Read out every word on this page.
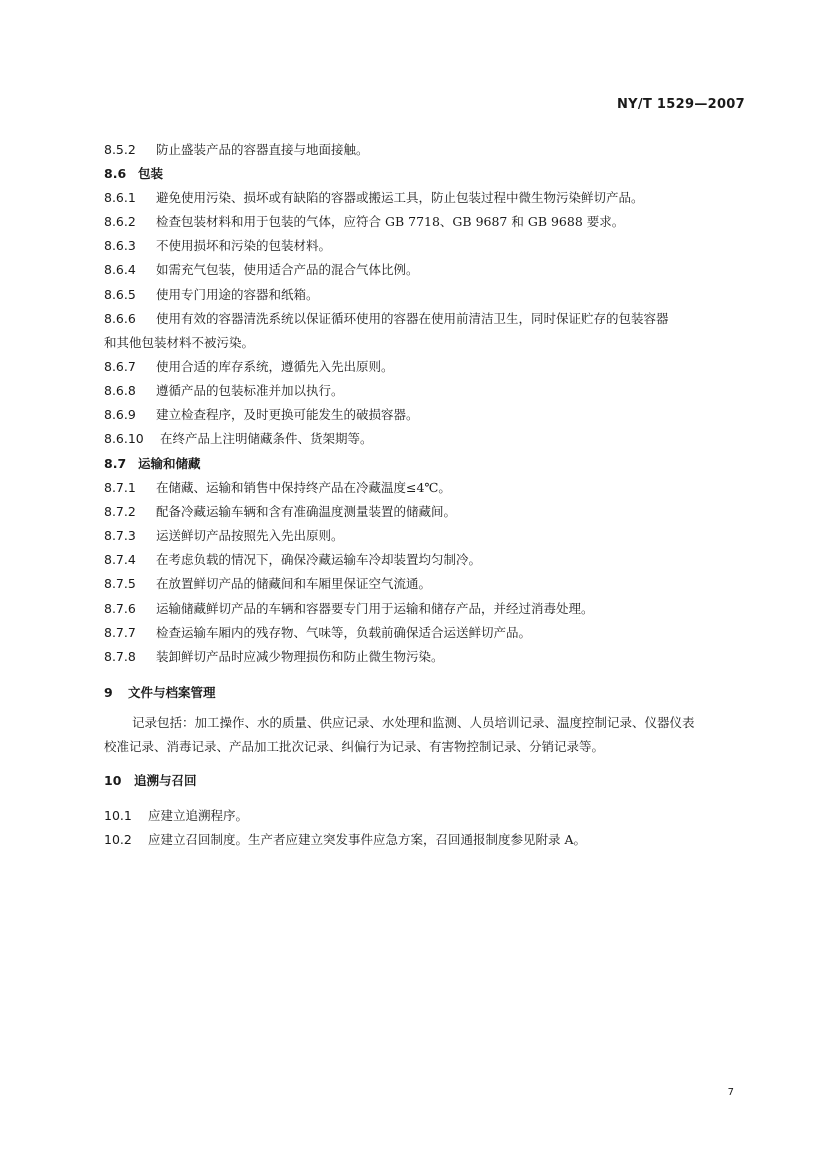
NY/T 1529—2007
8.5.2 防止盛装产品的容器直接与地面接触。
8.6 包装
8.6.1 避免使用污染、损坏或有缺陷的容器或搬运工具，防止包装过程中微生物污染鲜切产品。
8.6.2 检查包装材料和用于包装的气体，应符合 GB 7718、GB 9687 和 GB 9688 要求。
8.6.3 不使用损坏和污染的包装材料。
8.6.4 如需充气包装，使用适合产品的混合气体比例。
8.6.5 使用专门用途的容器和纸箱。
8.6.6 使用有效的容器清洗系统以保证循环使用的容器在使用前清洁卫生，同时保证贮存的包装容器
和其他包装材料不被污染。
8.6.7 使用合适的库存系统，遵循先入先出原则。
8.6.8 遵循产品的包装标准并加以执行。
8.6.9 建立检查程序，及时更换可能发生的破损容器。
8.6.10 在终产品上注明储藏条件、货架期等。
8.7 运输和储藏
8.7.1 在储藏、运输和销售中保持终产品在冷藏温度≤4℃。
8.7.2 配备冷藏运输车辆和含有准确温度测量装置的储藏间。
8.7.3 运送鲜切产品按照先入先出原则。
8.7.4 在考虑负载的情况下，确保冷藏运输车冷却装置均匀制冷。
8.7.5 在放置鲜切产品的储藏间和车厢里保证空气流通。
8.7.6 运输储藏鲜切产品的车辆和容器要专门用于运输和储存产品，并经过消毒处理。
8.7.7 检查运输车厢内的残存物、气味等，负载前确保适合运送鲜切产品。
8.7.8 装卸鲜切产品时应减少物理损伤和防止微生物污染。
9 文件与档案管理
记录包括：加工操作、水的质量、供应记录、水处理和监测、人员培训记录、温度控制记录、仪器仪表
校准记录、消毒记录、产品加工批次记录、纠偏行为记录、有害物控制记录、分销记录等。
10 追溯与召回
10.1 应建立追溯程序。
10.2 应建立召回制度。生产者应建立突发事件应急方案，召回通报制度参见附录 A。
7
